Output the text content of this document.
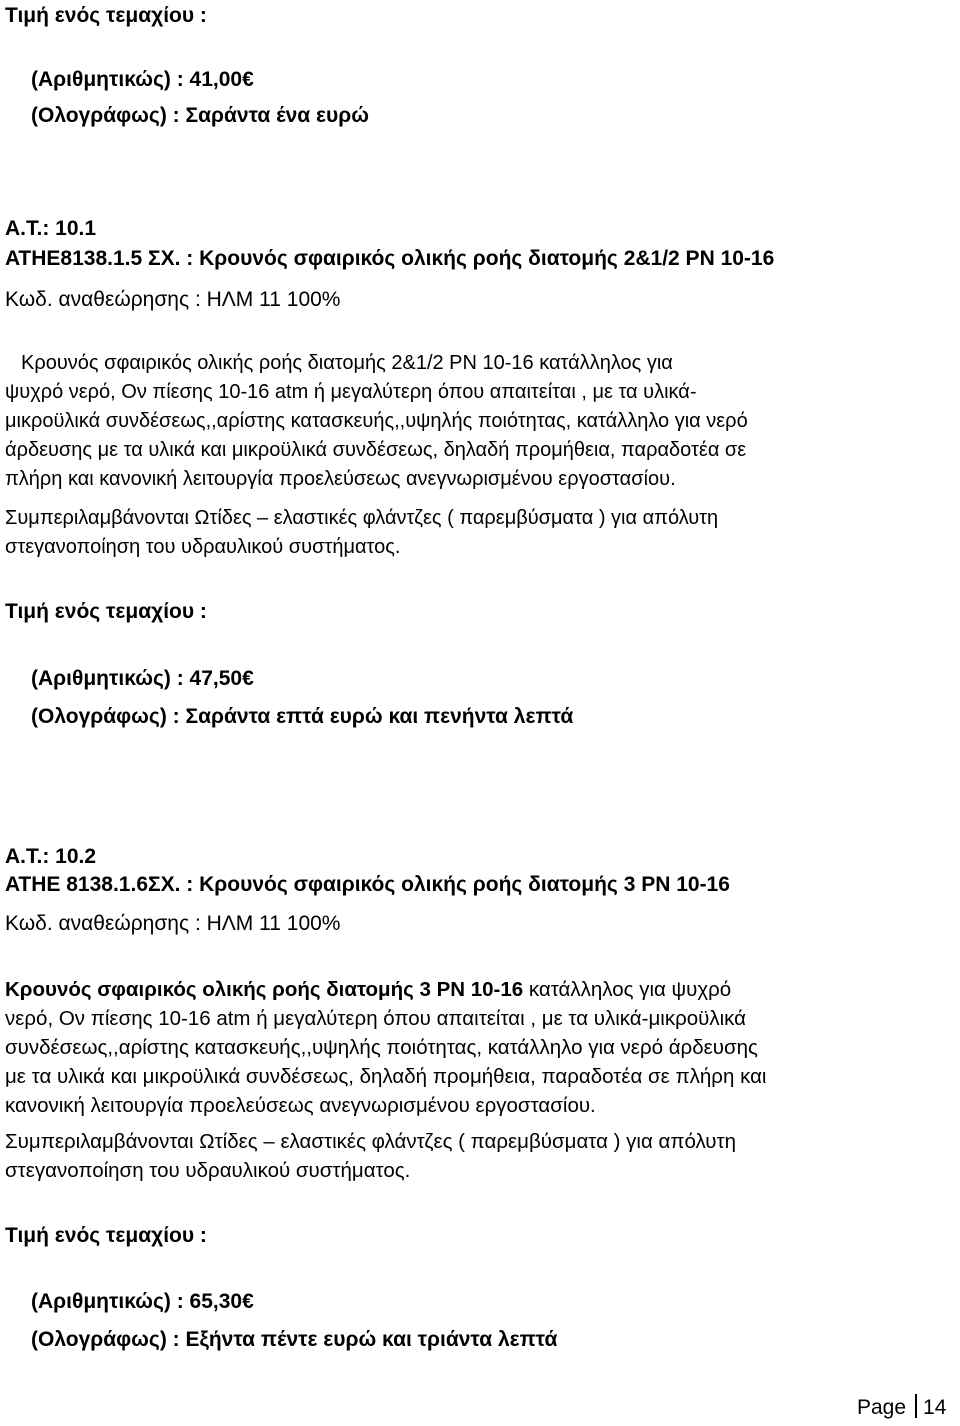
Τιμή ενός τεμαχίου :
(Αριθμητικώς) : 41,00€
(Ολογράφως) : Σαράντα ένα ευρώ
Α.Τ.: 10.1
ΑΤΗΕ8138.1.5 ΣΧ. : Κρουνός σφαιρικός ολικής ροής διατομής 2&1/2 ΡΝ 10-16
Κωδ. αναθεώρησης : ΗΛΜ 11 100%
Κρουνός σφαιρικός ολικής ροής διατομής 2&1/2 ΡΝ 10-16 κατάλληλος για
ψυχρό νερό, Ον πίεσης 10-16 atm ή μεγαλύτερη όπου απαιτείται , με τα υλικά-
μικροϋλικά συνδέσεως,,αρίστης κατασκευής,,υψηλής ποιότητας, κατάλληλο για νερό
άρδευσης με τα υλικά και μικροϋλικά συνδέσεως, δηλαδή προμήθεια, παραδοτέα σε
πλήρη και κανονική λειτουργία προελεύσεως ανεγνωρισμένου εργοστασίου.
Συμπεριλαμβάνονται Ωτίδες – ελαστικές φλάντζες ( παρεμβύσματα ) για απόλυτη
στεγανοποίηση του υδραυλικού συστήματος.
Τιμή ενός τεμαχίου :
(Αριθμητικώς) : 47,50€
(Ολογράφως) : Σαράντα επτά ευρώ και πενήντα λεπτά
Α.Τ.: 10.2
ΑΤΗΕ 8138.1.6ΣΧ. : Κρουνός σφαιρικός ολικής ροής διατομής 3 ΡΝ 10-16
Κωδ. αναθεώρησης : ΗΛΜ 11 100%
Κρουνός σφαιρικός ολικής ροής διατομής 3 ΡΝ 10-16 κατάλληλος για ψυχρό
νερό, Ον πίεσης 10-16 atm ή μεγαλύτερη όπου απαιτείται , με τα υλικά-μικροϋλικά
συνδέσεως,,αρίστης κατασκευής,,υψηλής ποιότητας, κατάλληλο για νερό άρδευσης
με τα υλικά και μικροϋλικά συνδέσεως, δηλαδή προμήθεια, παραδοτέα σε πλήρη και
κανονική λειτουργία προελεύσεως ανεγνωρισμένου εργοστασίου.
Συμπεριλαμβάνονται Ωτίδες – ελαστικές φλάντζες ( παρεμβύσματα ) για απόλυτη
στεγανοποίηση του υδραυλικού συστήματος.
Τιμή ενός τεμαχίου :
(Αριθμητικώς) : 65,30€
(Ολογράφως) : Εξήντα πέντε ευρώ και τριάντα λεπτά
Page 14
